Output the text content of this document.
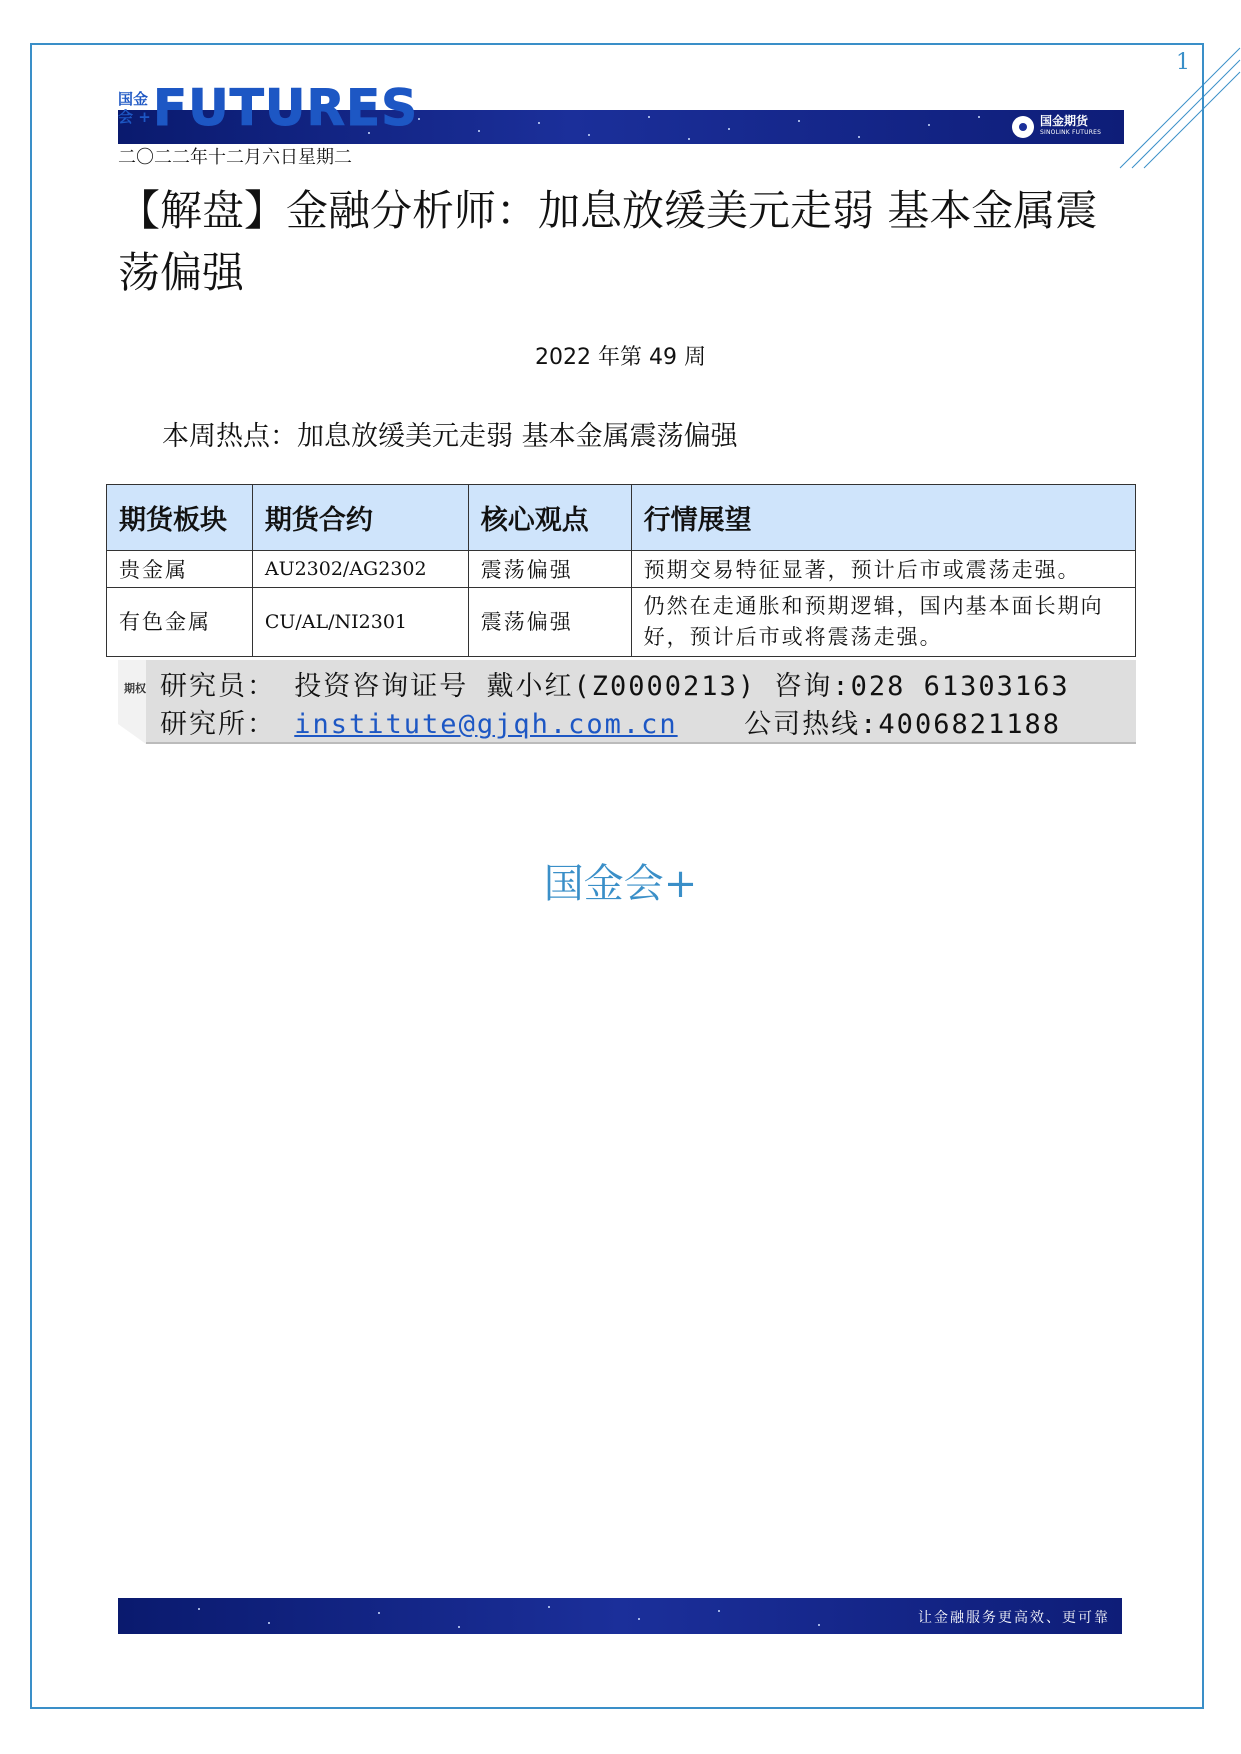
1
国金
会 + FUTURES	国金期货
SINOLINK FUTURES
二〇二二年十二月六日星期二
【解盘】金融分析师：加息放缓美元走弱 基本金属震荡偏强
2022 年第 49 周
本周热点：加息放缓美元走弱 基本金属震荡偏强
期货板块	期货合约	核心观点	行情展望
贵金属	AU2302/AG2302	震荡偏强	预期交易特征显著，预计后市或震荡走强。
有色金属	CU/AL/NI2301	震荡偏强	仍然在走通胀和预期逻辑，国内基本面长期向好，预计后市或将震荡走强。
期权 研究员： 投资咨询证号 戴小红(Z0000213) 咨询:028 61303163
研究所： institute@gjqh.com.cn 公司热线:4006821188
国金会+
让金融服务更高效、更可靠
